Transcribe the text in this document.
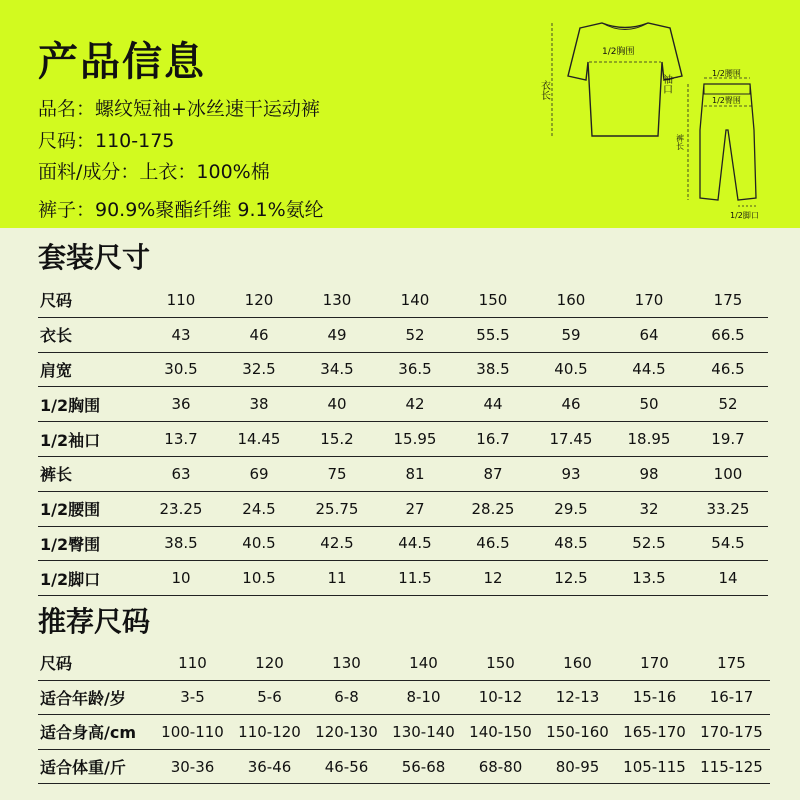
产品信息
品名：螺纹短袖+冰丝速干运动裤
尺码：110-175
面料/成分：上衣：100%棉
裤子：90.9%聚酯纤维 9.1%氨纶
1/2胸围
衣长	袖口
1/2腰围
1/2臀围
裤长
1/2脚口
套装尺寸
尺码	110	120	130	140	150	160	170	175
衣长	43	46	49	52	55.5	59	64	66.5
肩宽	30.5	32.5	34.5	36.5	38.5	40.5	44.5	46.5
1/2胸围	36	38	40	42	44	46	50	52
1/2袖口	13.7	14.45	15.2	15.95	16.7	17.45	18.95	19.7
裤长	63	69	75	81	87	93	98	100
1/2腰围	23.25	24.5	25.75	27	28.25	29.5	32	33.25
1/2臀围	38.5	40.5	42.5	44.5	46.5	48.5	52.5	54.5
1/2脚口	10	10.5	11	11.5	12	12.5	13.5	14
推荐尺码
尺码	110	120	130	140	150	160	170	175
适合年龄/岁	3-5	5-6	6-8	8-10	10-12	12-13	15-16	16-17
适合身高/cm	100-110	110-120	120-130	130-140	140-150	150-160	165-170	170-175
适合体重/斤	30-36	36-46	46-56	56-68	68-80	80-95	105-115	115-125
